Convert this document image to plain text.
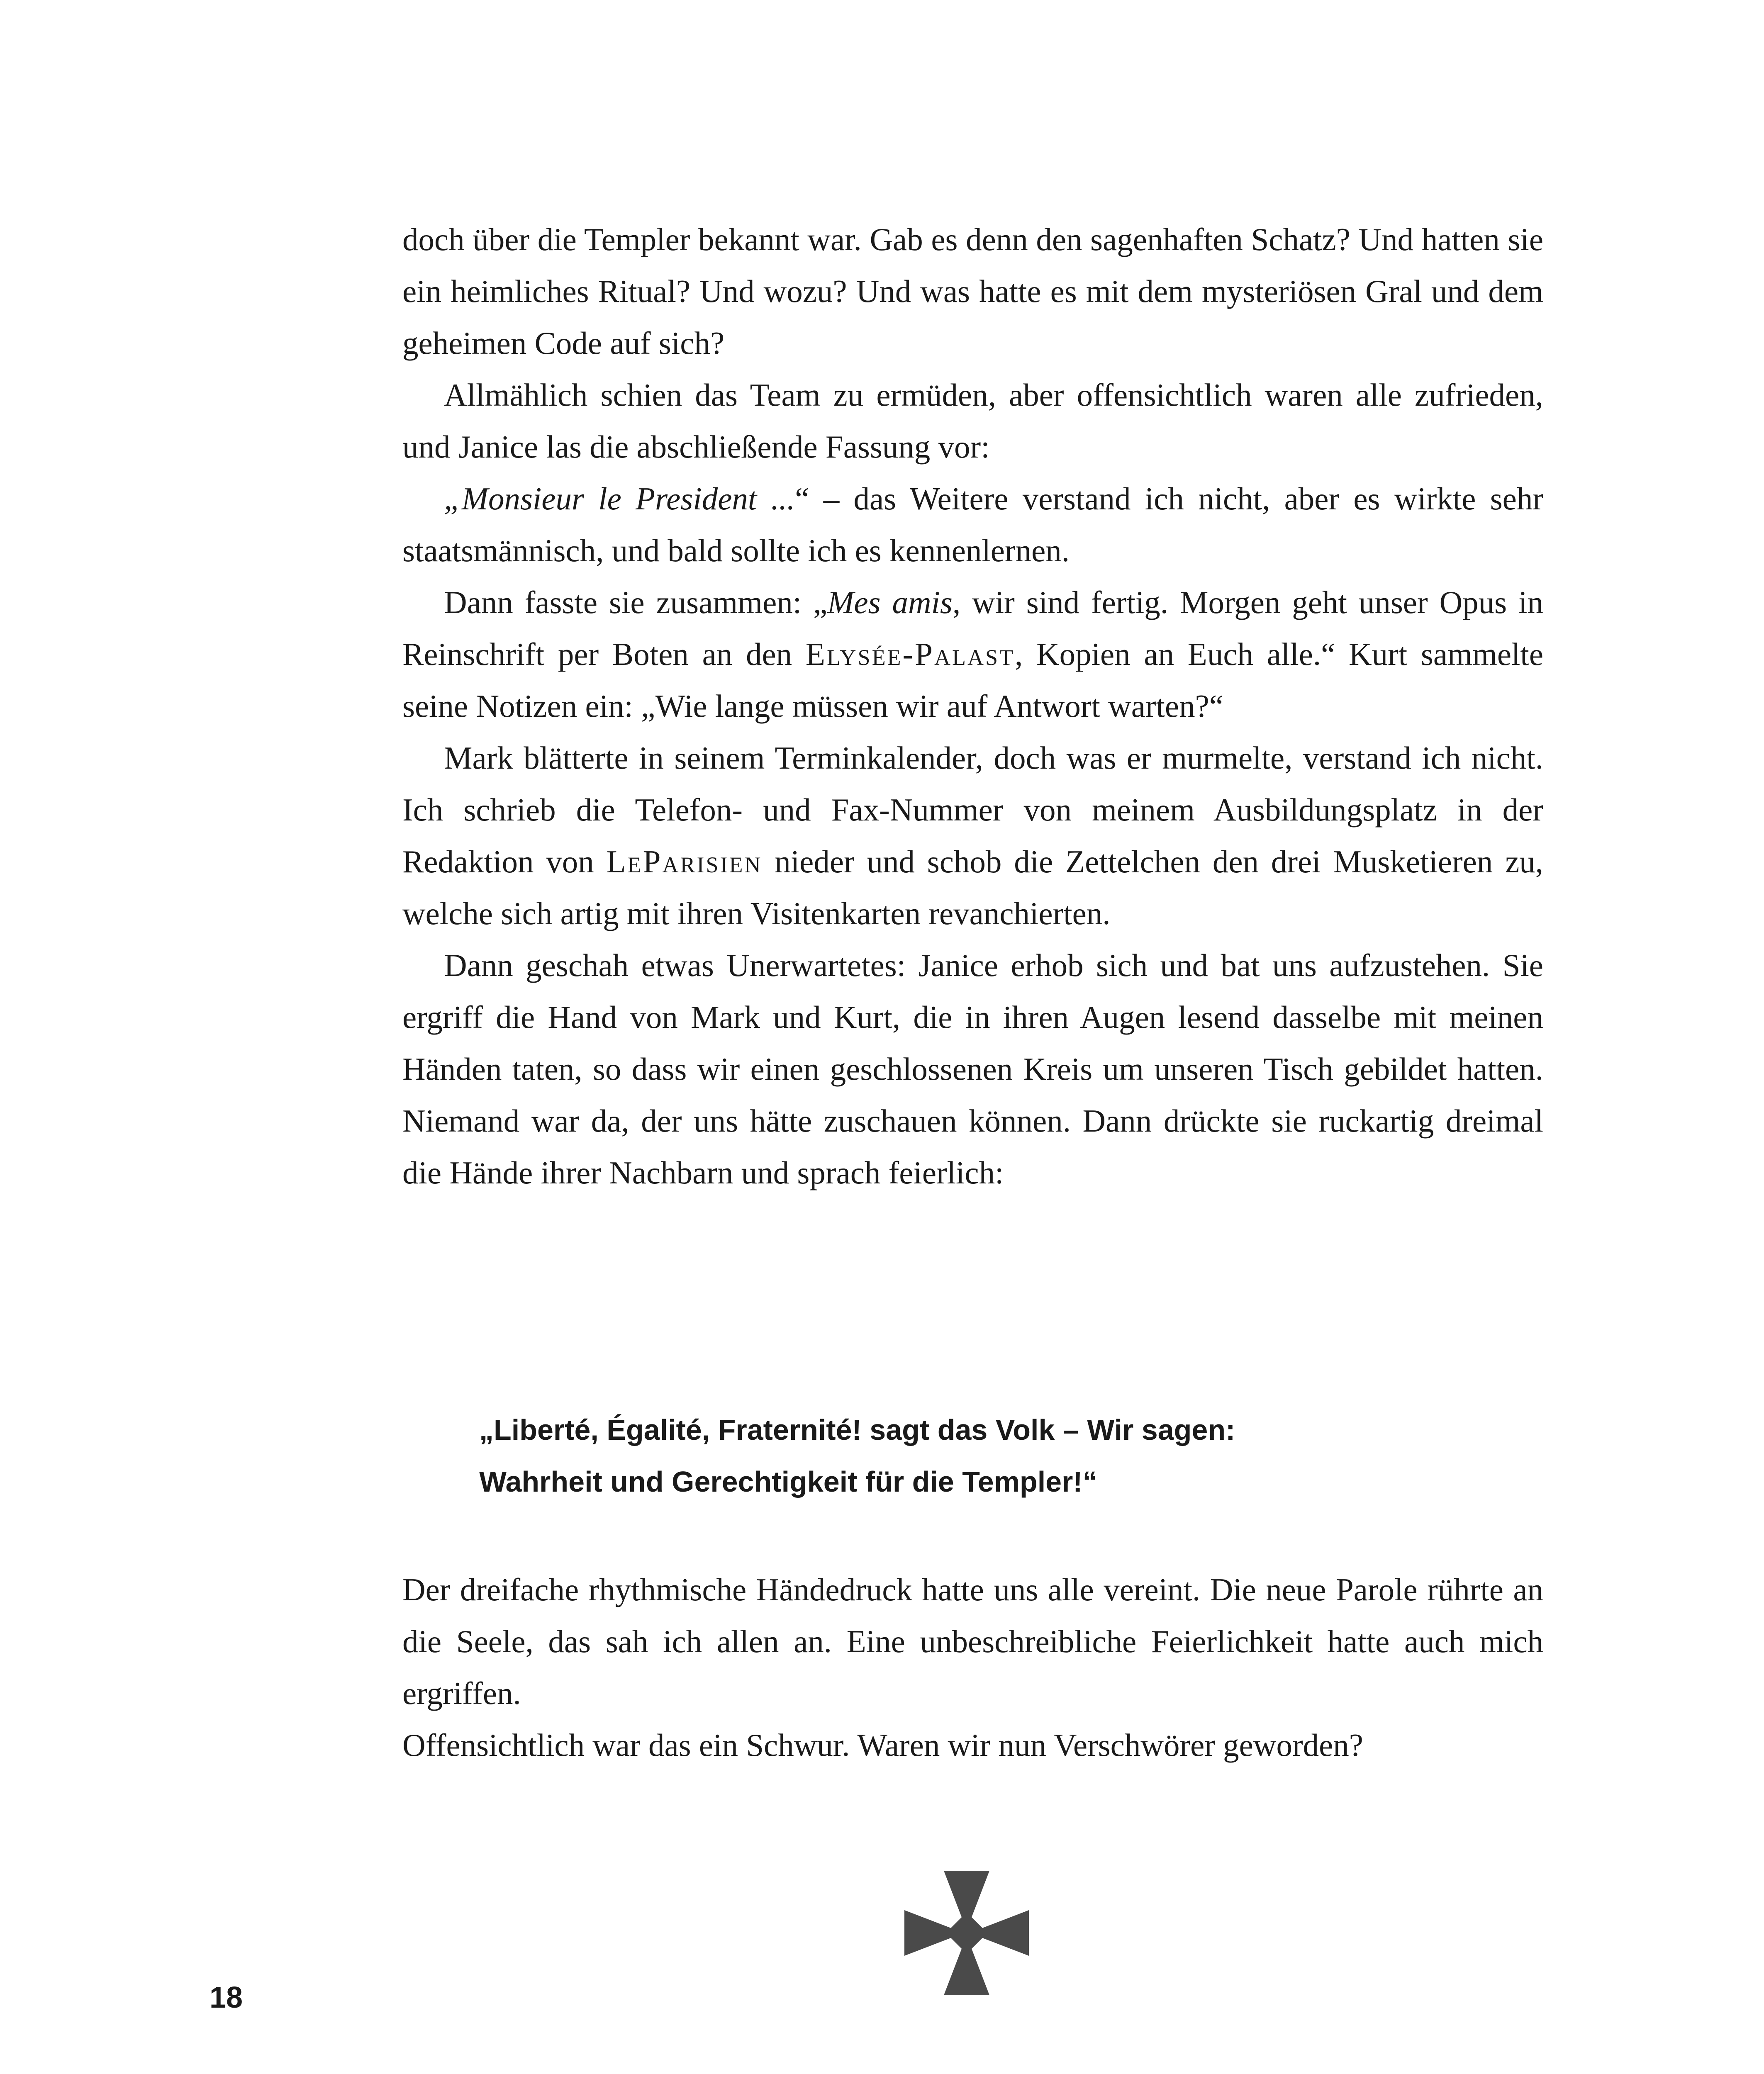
doch über die Templer bekannt war. Gab es denn den sagenhaften Schatz? Und hatten sie ein heimliches Ritual? Und wozu? Und was hatte es mit dem mysteriösen Gral und dem geheimen Code auf sich?

Allmählich schien das Team zu ermüden, aber offensichtlich waren alle zufrieden, und Janice las die abschließende Fassung vor:

„Monsieur le President ...“ – das Weitere verstand ich nicht, aber es wirkte sehr staatsmännisch, und bald sollte ich es kennenlernen.

Dann fasste sie zusammen: „Mes amis, wir sind fertig. Morgen geht unser Opus in Reinschrift per Boten an den Elysée-Palast, Kopien an Euch alle.“ Kurt sammelte seine Notizen ein: „Wie lange müssen wir auf Antwort warten?“

Mark blätterte in seinem Terminkalender, doch was er murmelte, verstand ich nicht. Ich schrieb die Telefon- und Fax-Nummer von meinem Ausbildungsplatz in der Redaktion von LeParisien nieder und schob die Zettelchen den drei Musketieren zu, welche sich artig mit ihren Visitenkarten revanchierten.

Dann geschah etwas Unerwartetes: Janice erhob sich und bat uns aufzustehen. Sie ergriff die Hand von Mark und Kurt, die in ihren Augen lesend dasselbe mit meinen Händen taten, so dass wir einen geschlossenen Kreis um unseren Tisch gebildet hatten. Niemand war da, der uns hätte zuschauen können. Dann drückte sie ruckartig dreimal die Hände ihrer Nachbarn und sprach feierlich:

„Liberté, Égalité, Fraternité! sagt das Volk – Wir sagen:
Wahrheit und Gerechtigkeit für die Templer!“

Der dreifache rhythmische Händedruck hatte uns alle vereint. Die neue Parole rührte an die Seele, das sah ich allen an. Eine unbeschreibliche Feierlichkeit hatte auch mich ergriffen.

Offensichtlich war das ein Schwur. Waren wir nun Verschwörer geworden?

18
